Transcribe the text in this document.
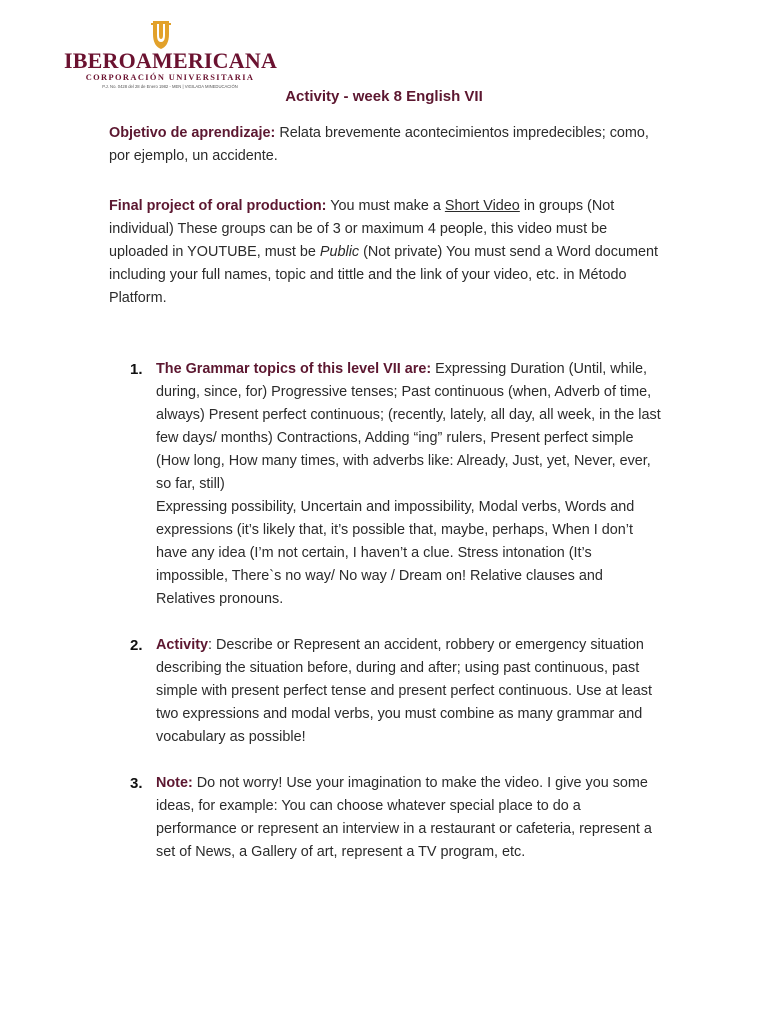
IBEROAMERICANA
CORPORACIÓN UNIVERSITARIA
P.J. No. 0428 del 28 de Enero 1982 - MEN | VIGILADA MINEDUCACIÓN
Activity - week 8 English VII
Objetivo de aprendizaje: Relata brevemente acontecimientos impredecibles; como, por ejemplo, un accidente.
Final project of oral production: You must make a Short Video in groups (Not individual) These groups can be of 3 or maximum 4 people, this video must be uploaded in YOUTUBE, must be Public (Not private) You must send a Word document including your full names, topic and tittle and the link of your video, etc. in Método Platform.
1. The Grammar topics of this level VII are: Expressing Duration (Until, while, during, since, for) Progressive tenses; Past continuous (when, Adverb of time, always) Present perfect continuous; (recently, lately, all day, all week, in the last few days/ months) Contractions, Adding “ing” rulers, Present perfect simple (How long, How many times, with adverbs like: Already, Just, yet, Never, ever, so far, still)

Expressing possibility, Uncertain and impossibility, Modal verbs, Words and expressions (it’s likely that, it’s possible that, maybe, perhaps, When I don’t have any idea (I’m not certain, I haven’t a clue. Stress intonation (It’s impossible, There`s no way/ No way / Dream on! Relative clauses and Relatives pronouns.

2. Activity: Describe or Represent an accident, robbery or emergency situation describing the situation before, during and after; using past continuous, past simple with present perfect tense and present perfect continuous. Use at least two expressions and modal verbs, you must combine as many grammar and vocabulary as possible!

3. Note: Do not worry! Use your imagination to make the video. I give you some ideas, for example: You can choose whatever special place to do a performance or represent an interview in a restaurant or cafeteria, represent a set of News, a Gallery of art, represent a TV program, etc.
